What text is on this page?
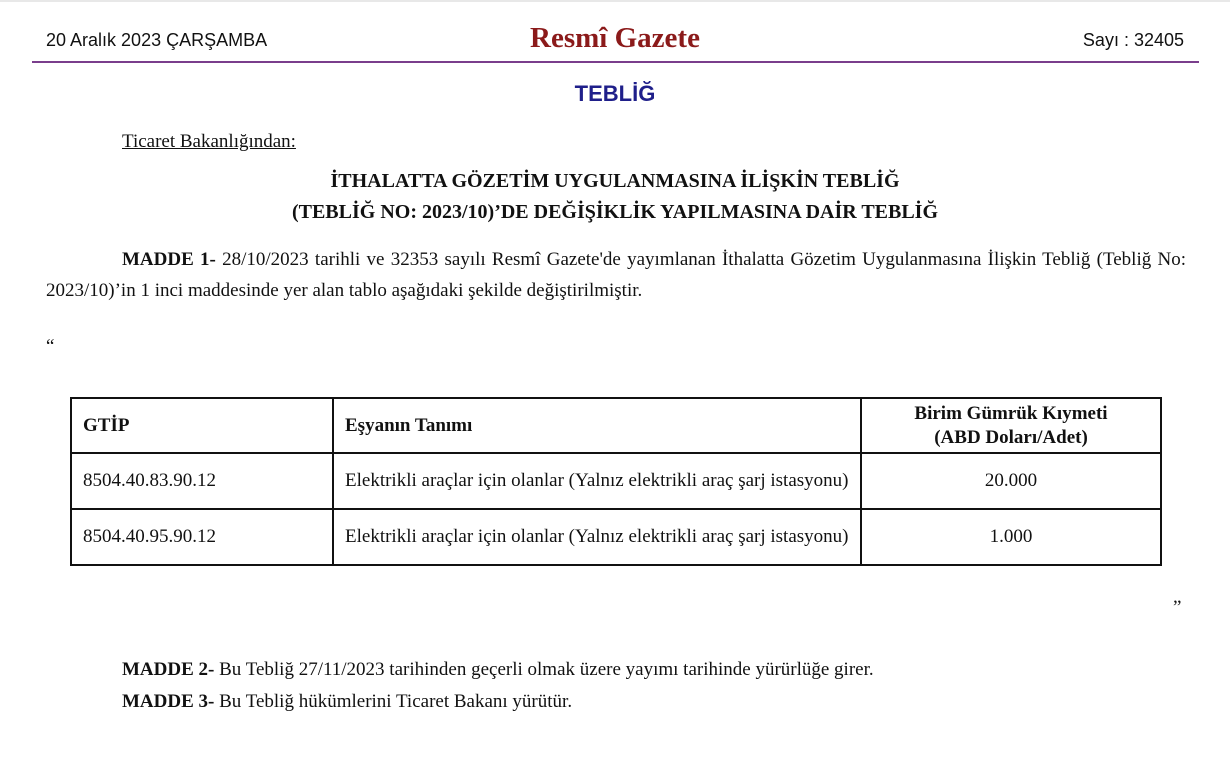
20 Aralık 2023 ÇARŞAMBA	Resmî Gazete	Sayı : 32405
TEBLİĞ
Ticaret Bakanlığından:
İTHALATTA GÖZETİM UYGULANMASINA İLİŞKİN TEBLİĞ
(TEBLİĞ NO: 2023/10)’DE DEĞİŞİKLİK YAPILMASINA DAİR TEBLİĞ
MADDE 1- 28/10/2023 tarihli ve 32353 sayılı Resmî Gazete'de yayımlanan İthalatta Gözetim Uygulanmasına İlişkin Tebliğ (Tebliğ No: 2023/10)’in 1 inci maddesinde yer alan tablo aşağıdaki şekilde değiştirilmiştir.
“
GTİP	Eşyanın Tanımı	Birim Gümrük Kıymeti
(ABD Doları/Adet)
8504.40.83.90.12	Elektrikli araçlar için olanlar (Yalnız elektrikli araç şarj istasyonu)	20.000
8504.40.95.90.12	Elektrikli araçlar için olanlar (Yalnız elektrikli araç şarj istasyonu)	1.000
”
MADDE 2- Bu Tebliğ 27/11/2023 tarihinden geçerli olmak üzere yayımı tarihinde yürürlüğe girer.
MADDE 3- Bu Tebliğ hükümlerini Ticaret Bakanı yürütür.
